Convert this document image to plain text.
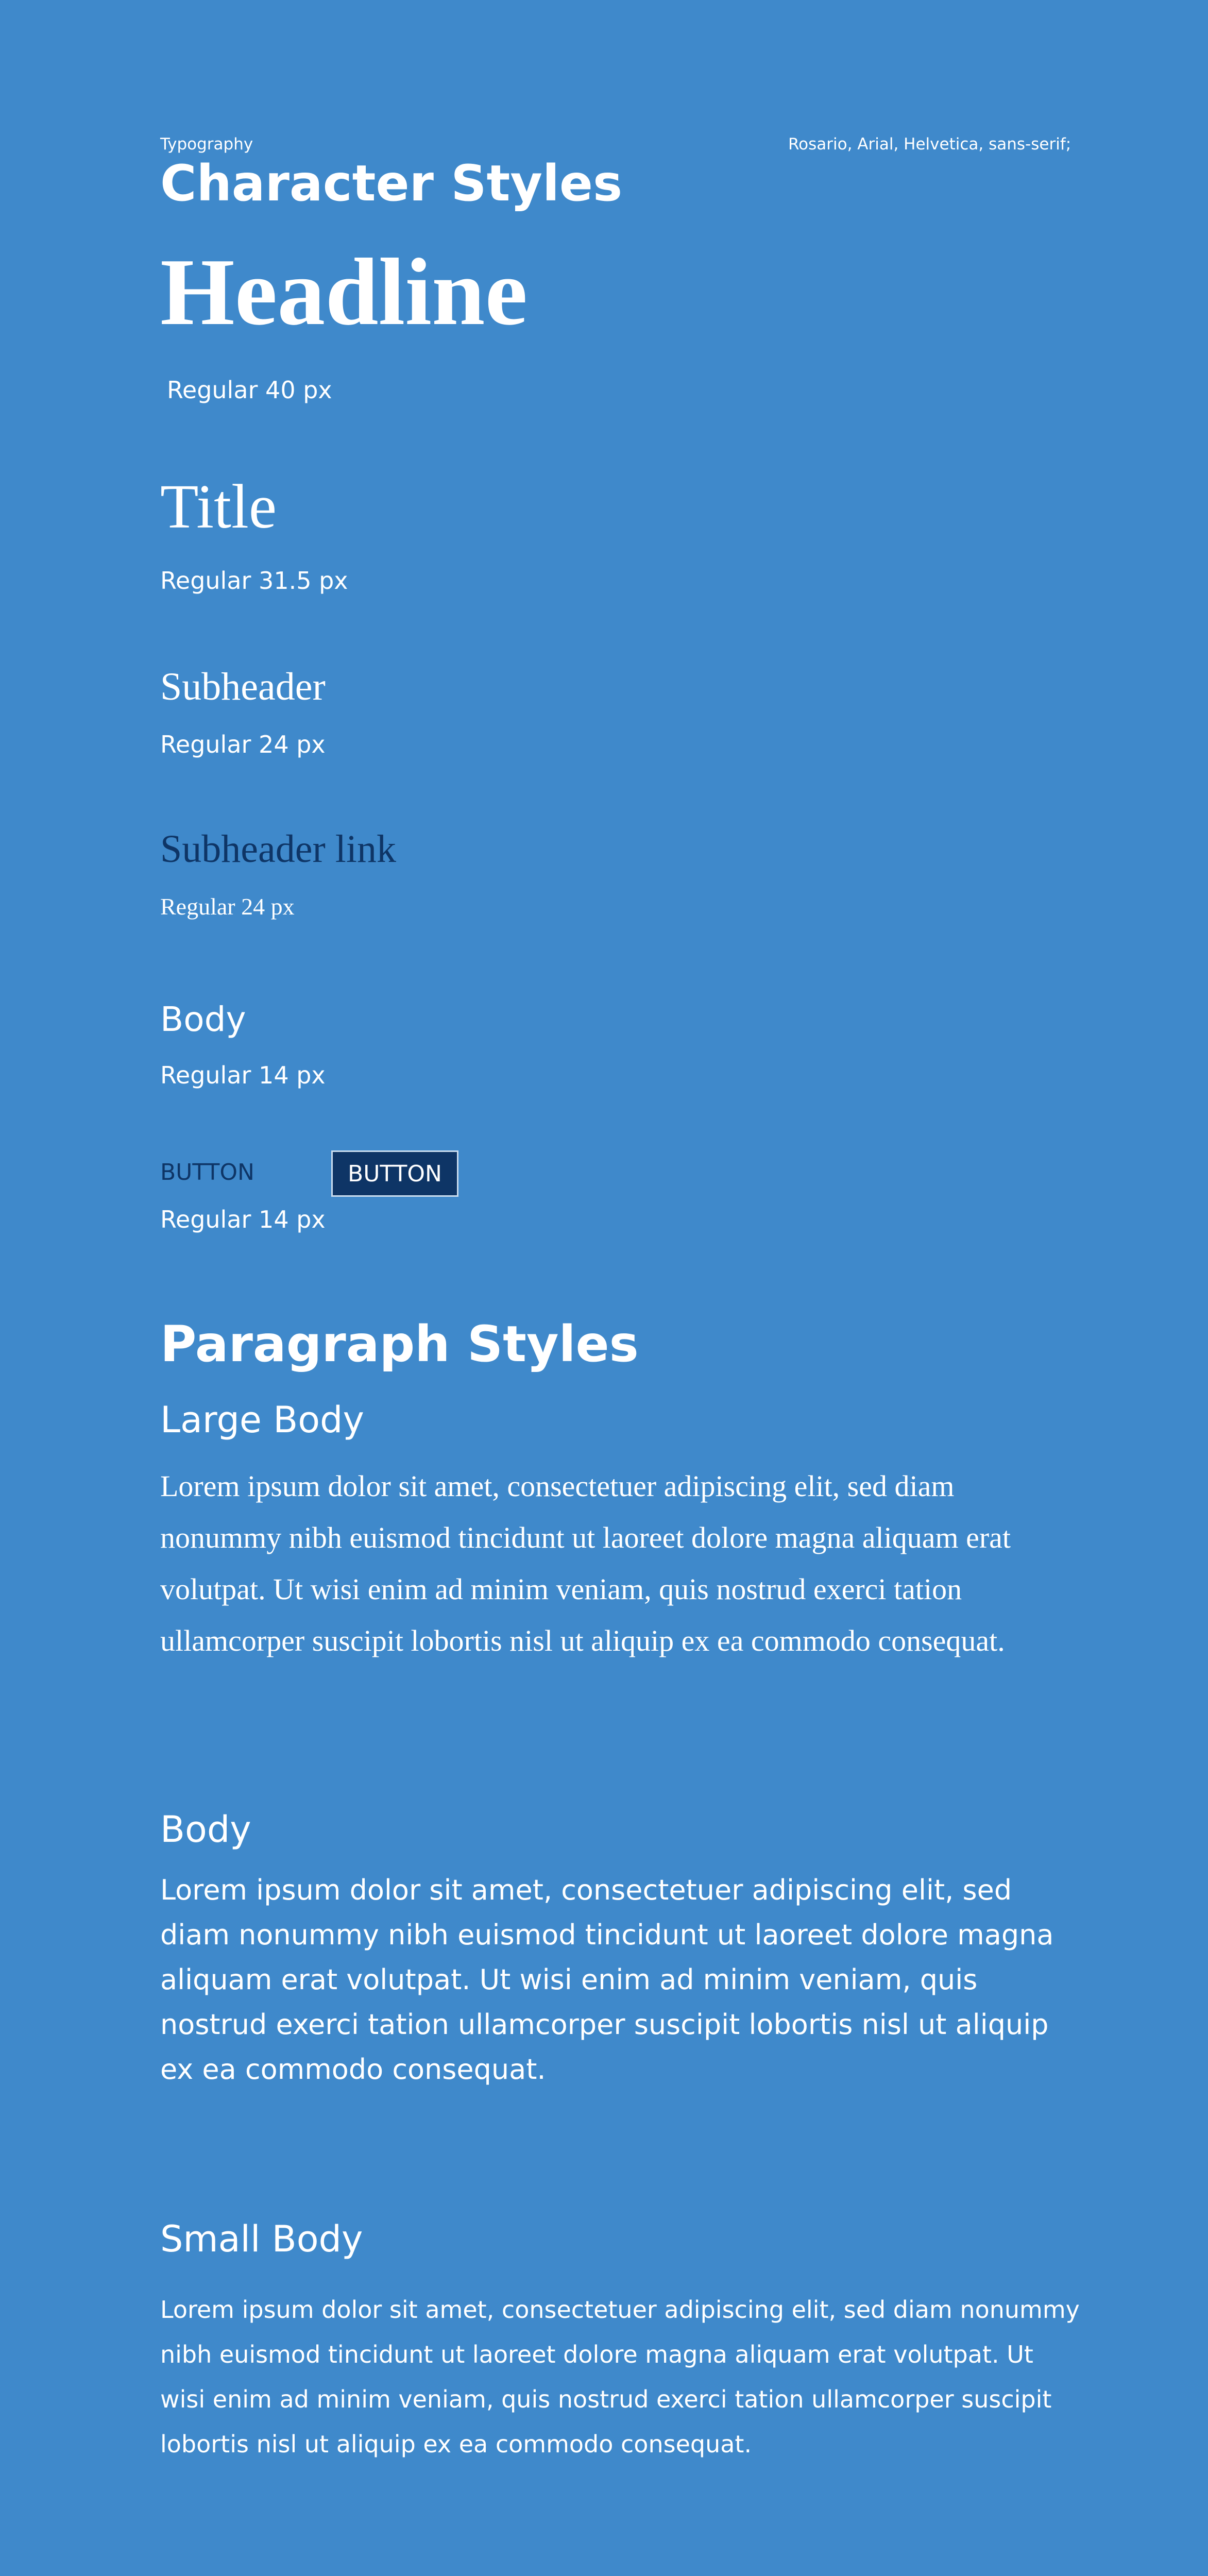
Typography	Rosario, Arial, Helvetica, sans-serif;

Character Styles
Headline
Regular 40 px
Title
Regular 31.5 px
Subheader
Regular 24 px
Subheader link
Regular 24 px
Body
Regular 14 px
BUTTON	BUTTON
Regular 14 px
Paragraph Styles
Large Body

Lorem ipsum dolor sit amet, consectetuer adipiscing elit, sed diam nonummy nibh euismod tincidunt ut laoreet dolore magna aliquam erat volutpat. Ut wisi enim ad minim veniam, quis nostrud exerci tation ullamcorper suscipit lobortis nisl ut aliquip ex ea commodo consequat.

Body

Lorem ipsum dolor sit amet, consectetuer adipiscing elit, sed diam nonummy nibh euismod tincidunt ut laoreet dolore magna aliquam erat volutpat. Ut wisi enim ad minim veniam, quis nostrud exerci tation ullamcorper suscipit lobortis nisl ut aliquip ex ea commodo consequat.

Small Body

Lorem ipsum dolor sit amet, consectetuer adipiscing elit, sed diam nonummy nibh euismod tincidunt ut laoreet dolore magna aliquam erat volutpat. Ut wisi enim ad minim veniam, quis nostrud exerci tation ullamcorper suscipit lobortis nisl ut aliquip ex ea commodo consequat.
